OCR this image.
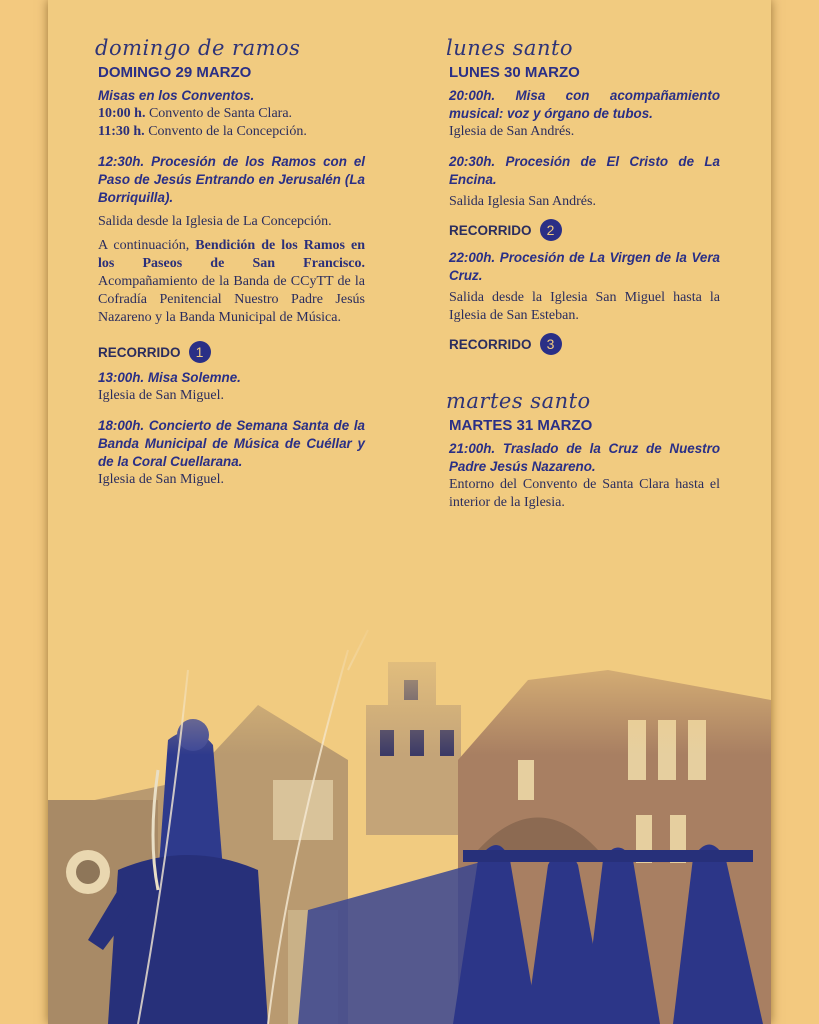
domingo de ramos
DOMINGO 29 MARZO

Misas en los Conventos.

10:00 h. Convento de Santa Clara.

11:30 h. Convento de la Concepción.

12:30h. Procesión de los Ramos con el Paso de Jesús Entrando en Jerusalén (La Borriquilla).

Salida desde la Iglesia de La Concepción.

A continuación, Bendición de los Ramos en los Paseos de San Francisco. Acompañamiento de la Banda de CCyTT de la Cofradía Penitencial Nuestro Padre Jesús Nazareno y la Banda Municipal de Música.

RECORRIDO	1

13:00h. Misa Solemne.

Iglesia de San Miguel.

18:00h. Concierto de Semana Santa de la Banda Municipal de Música de Cuéllar y de la Coral Cuellarana.

Iglesia de San Miguel.

lunes santo
LUNES 30 MARZO

20:00h. Misa con acompañamiento musical: voz y órgano de tubos.

Iglesia de San Andrés.

20:30h. Procesión de El Cristo de La Encina.

Salida Iglesia San Andrés.

RECORRIDO	2

22:00h. Procesión de La Virgen de la Vera Cruz.

Salida desde la Iglesia San Miguel hasta la Iglesia de San Esteban.

RECORRIDO	3
martes santo
MARTES 31 MARZO

21:00h. Traslado de la Cruz de Nuestro Padre Jesús Nazareno.

Entorno del Convento de Santa Clara hasta el interior de la Iglesia.
